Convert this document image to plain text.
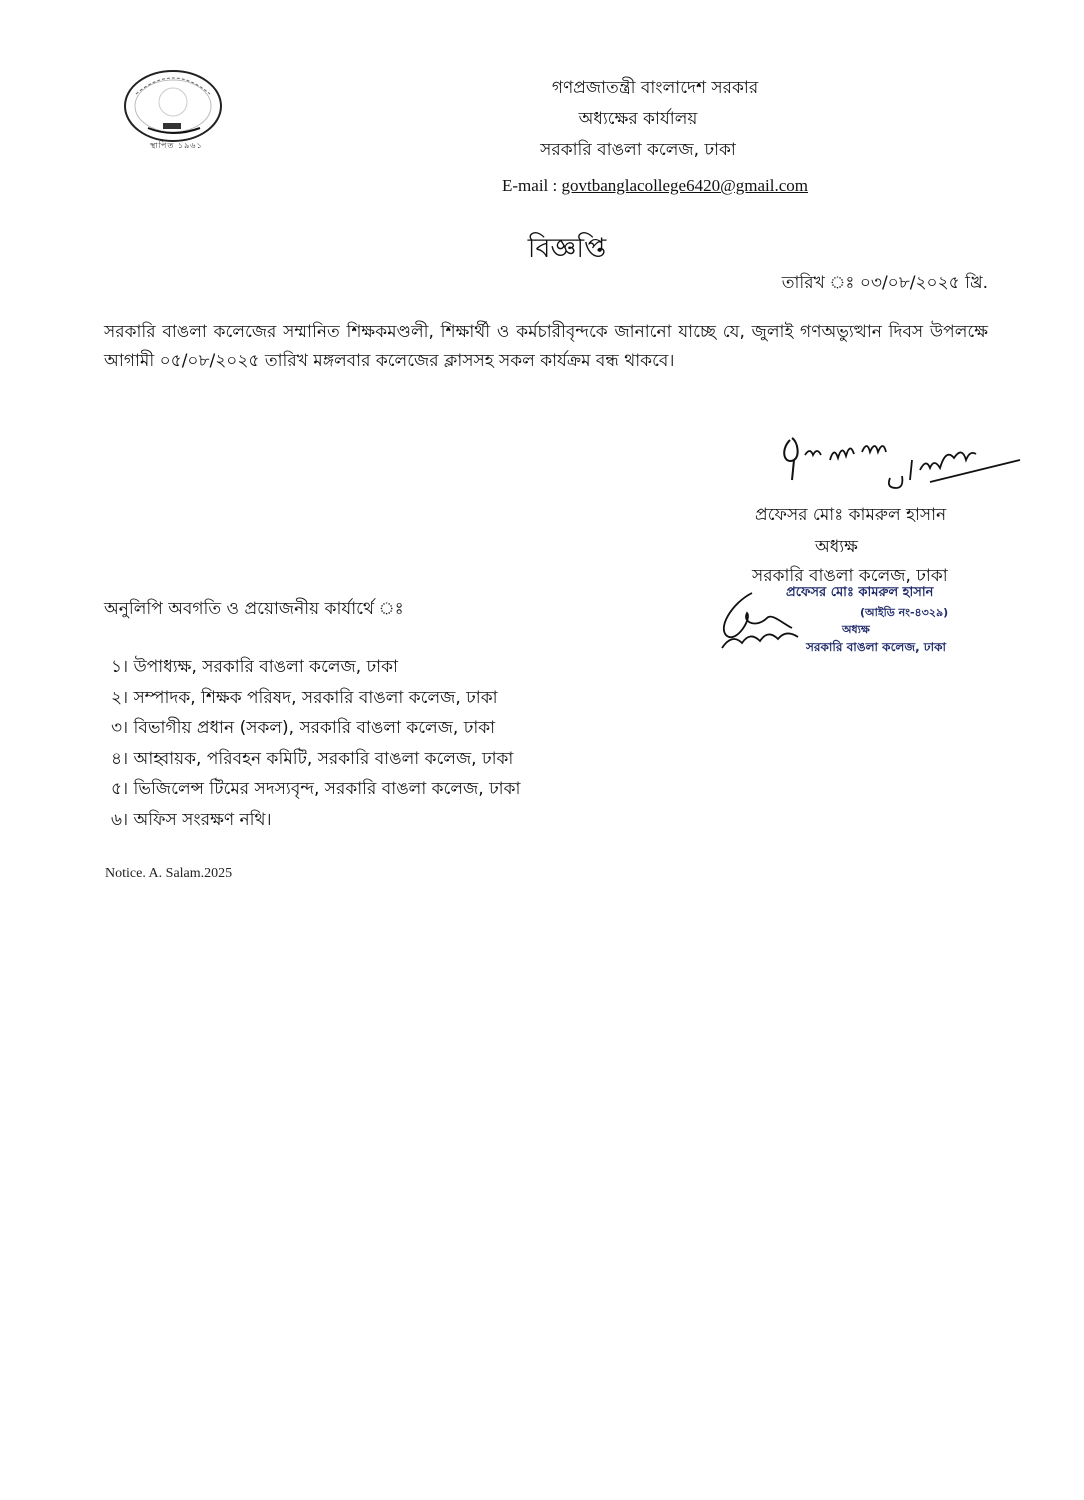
স্থাপিত ১৯৬১
গণপ্রজাতন্ত্রী বাংলাদেশ সরকার
অধ্যক্ষের কার্যালয়
সরকারি বাঙলা কলেজ, ঢাকা
E-mail : govtbanglacollege6420@gmail.com
বিজ্ঞপ্তি
তারিখ ঃ ০৩/০৮/২০২৫ খ্রি.
সরকারি বাঙলা কলেজের সম্মানিত শিক্ষকমণ্ডলী, শিক্ষার্থী ও কর্মচারীবৃন্দকে জানানো যাচ্ছে যে, জুলাই গণঅভ্যুত্থান দিবস উপলক্ষে আগামী ০৫/০৮/২০২৫ তারিখ মঙ্গলবার কলেজের ক্লাসসহ সকল কার্যক্রম বন্ধ থাকবে।
প্রফেসর মোঃ কামরুল হাসান
অধ্যক্ষ
সরকারি বাঙলা কলেজ, ঢাকা
প্রফেসর মোঃ কামরুল হাসান
(আইডি নং-৪৩২৯)
অধ্যক্ষ
সরকারি বাঙলা কলেজ, ঢাকা
অনুলিপি অবগতি ও প্রয়োজনীয় কার্যার্থে ঃ
১। উপাধ্যক্ষ, সরকারি বাঙলা কলেজ, ঢাকা
২। সম্পাদক, শিক্ষক পরিষদ, সরকারি বাঙলা কলেজ, ঢাকা
৩। বিভাগীয় প্রধান (সকল), সরকারি বাঙলা কলেজ, ঢাকা
৪। আহ্বায়ক, পরিবহন কমিটি, সরকারি বাঙলা কলেজ, ঢাকা
৫। ভিজিলেন্স টিমের সদস্যবৃন্দ, সরকারি বাঙলা কলেজ, ঢাকা
৬। অফিস সংরক্ষণ নথি।
Notice. A. Salam.2025
